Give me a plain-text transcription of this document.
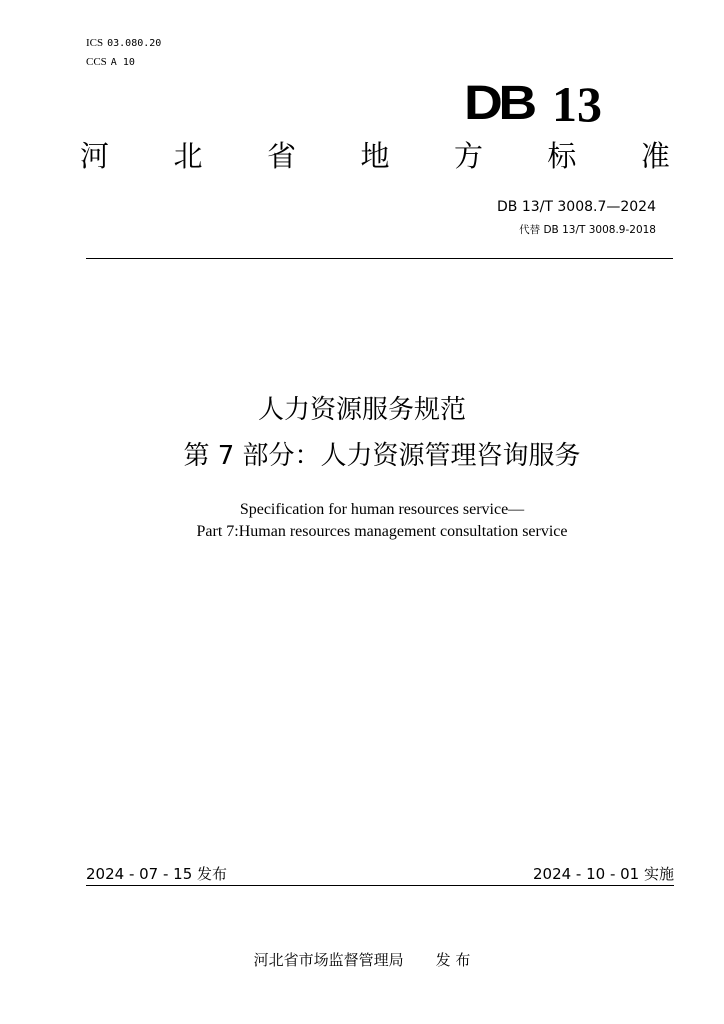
ICS 03.080.20
CCS A 10
DB 13
河 北 省 地 方 标 准
DB 13/T 3008.7—2024
代替 DB 13/T 3008.9-2018
人力资源服务规范
第 7 部分：人力资源管理咨询服务
Specification for human resources service—
Part 7:Human resources management consultation service
2024 - 07 - 15 发布	2024 - 10 - 01 实施
河北省市场监督管理局 发 布
